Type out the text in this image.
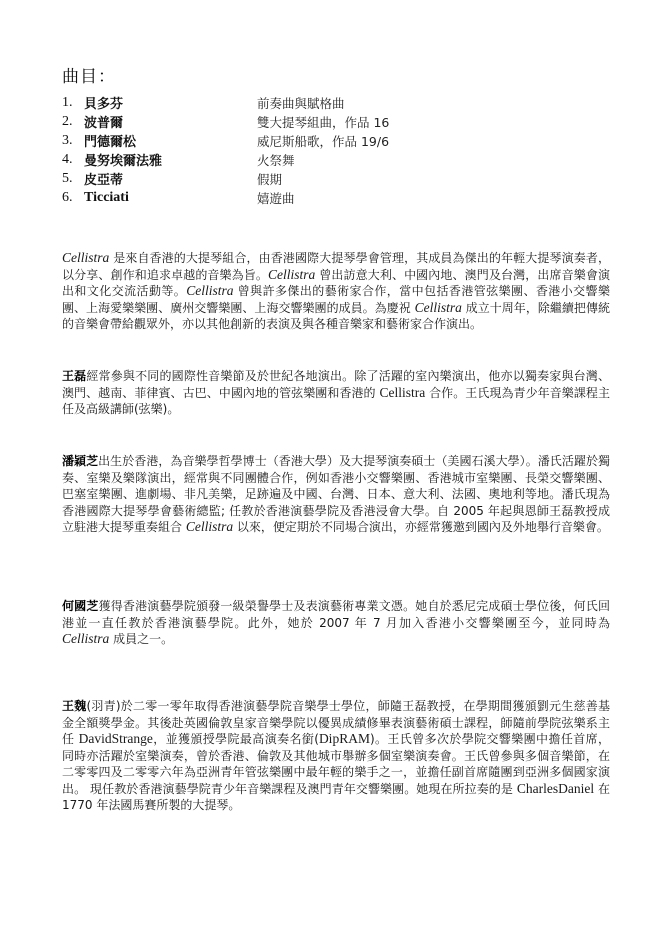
曲目：
1. 貝多芬	前奏曲與賦格曲
2. 波普爾	雙大提琴組曲，作品 16
3. 門德爾松	威尼斯船歌，作品 19/6
4. 曼努埃爾法雅	火祭舞
5. 皮亞蒂	假期
6. Ticciati	嬉遊曲

Cellistra 是來自香港的大提琴組合，由香港國際大提琴學會管理，其成員為傑出的年輕大提琴演奏者，以分享、創作和追求卓越的音樂為旨。Cellistra 曾出訪意大利、中國內地、澳門及台灣，出席音樂會演出和文化交流活動等。Cellistra 曾與許多傑出的藝術家合作，當中包括香港管弦樂團、香港小交響樂團、上海愛樂樂團、廣州交響樂團、上海交響樂團的成員。為慶祝 Cellistra 成立十周年，除繼續把傳統的音樂會帶給觀眾外，亦以其他創新的表演及與各種音樂家和藝術家合作演出。

王磊經常參與不同的國際性音樂節及於世紀各地演出。除了活躍的室內樂演出，他亦以獨奏家與台灣、澳門、越南、菲律賓、古巴、中國內地的管弦樂團和香港的 Cellistra 合作。王氏現為青少年音樂課程主任及高級講師(弦樂)。

潘穎芝出生於香港，為音樂學哲學博士（香港大學）及大提琴演奏碩士（美國石溪大學）。潘氏活躍於獨奏、室樂及樂隊演出，經常與不同團體合作，例如香港小交響樂團、香港城市室樂團、長榮交響樂團、巴塞室樂團、進劇場、非凡美樂，足跡遍及中國、台灣、日本、意大利、法國、奧地利等地。潘氏現為香港國際大提琴學會藝術總監; 任教於香港演藝學院及香港浸會大學。自 2005 年起與恩師王磊教授成立駐港大提琴重奏組合 Cellistra 以來，便定期於不同場合演出，亦經常獲邀到國內及外地舉行音樂會。

何國芝獲得香港演藝學院頒發一級榮譽學士及表演藝術專業文憑。她自於悉尼完成碩士學位後，何氏回港並一直任教於香港演藝學院。此外，她於 2007 年 7 月加入香港小交響樂團至今，並同時為 Cellistra 成員之一。

王魏(羽青)於二零一零年取得香港演藝學院音樂學士學位，師隨王磊教授，在學期間獲頒劉元生慈善基金全額獎學金。其後赴英國倫敦皇家音樂學院以優異成績修畢表演藝術碩士課程，師隨前學院弦樂系主任 DavidStrange，並獲頒授學院最高演奏名銜(DipRAM)。王氏曾多次於學院交響樂團中擔任首席， 同時亦活躍於室樂演奏，曾於香港、倫敦及其他城市舉辦多個室樂演奏會。王氏曾參與多個音樂節，在二零零四及二零零六年為亞洲青年管弦樂團中最年輕的樂手之一，並擔任副首席隨團到亞洲多個國家演出。 現任教於香港演藝學院青少年音樂課程及澳門青年交響樂團。她現在所拉奏的是 CharlesDaniel 在 1770 年法國馬賽所製的大提琴。
